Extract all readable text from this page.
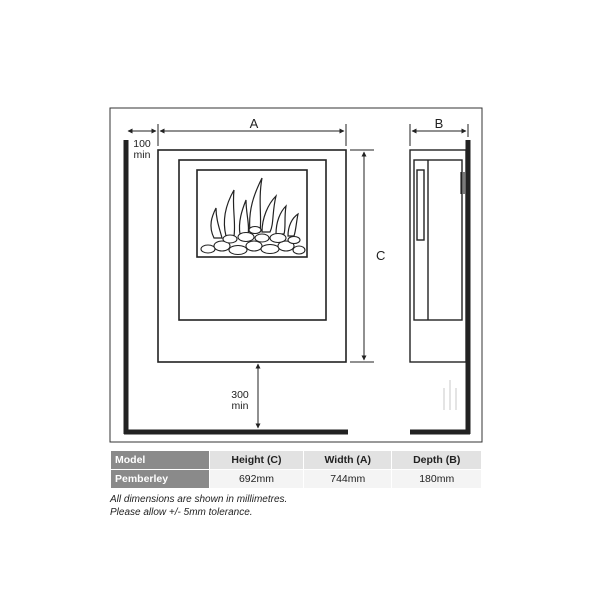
A
100
min
C
300
min
B
Model	Height (C)	Width (A)	Depth (B)
Pemberley	692mm	744mm	180mm
All dimensions are shown in millimetres.
Please allow +/- 5mm tolerance.
